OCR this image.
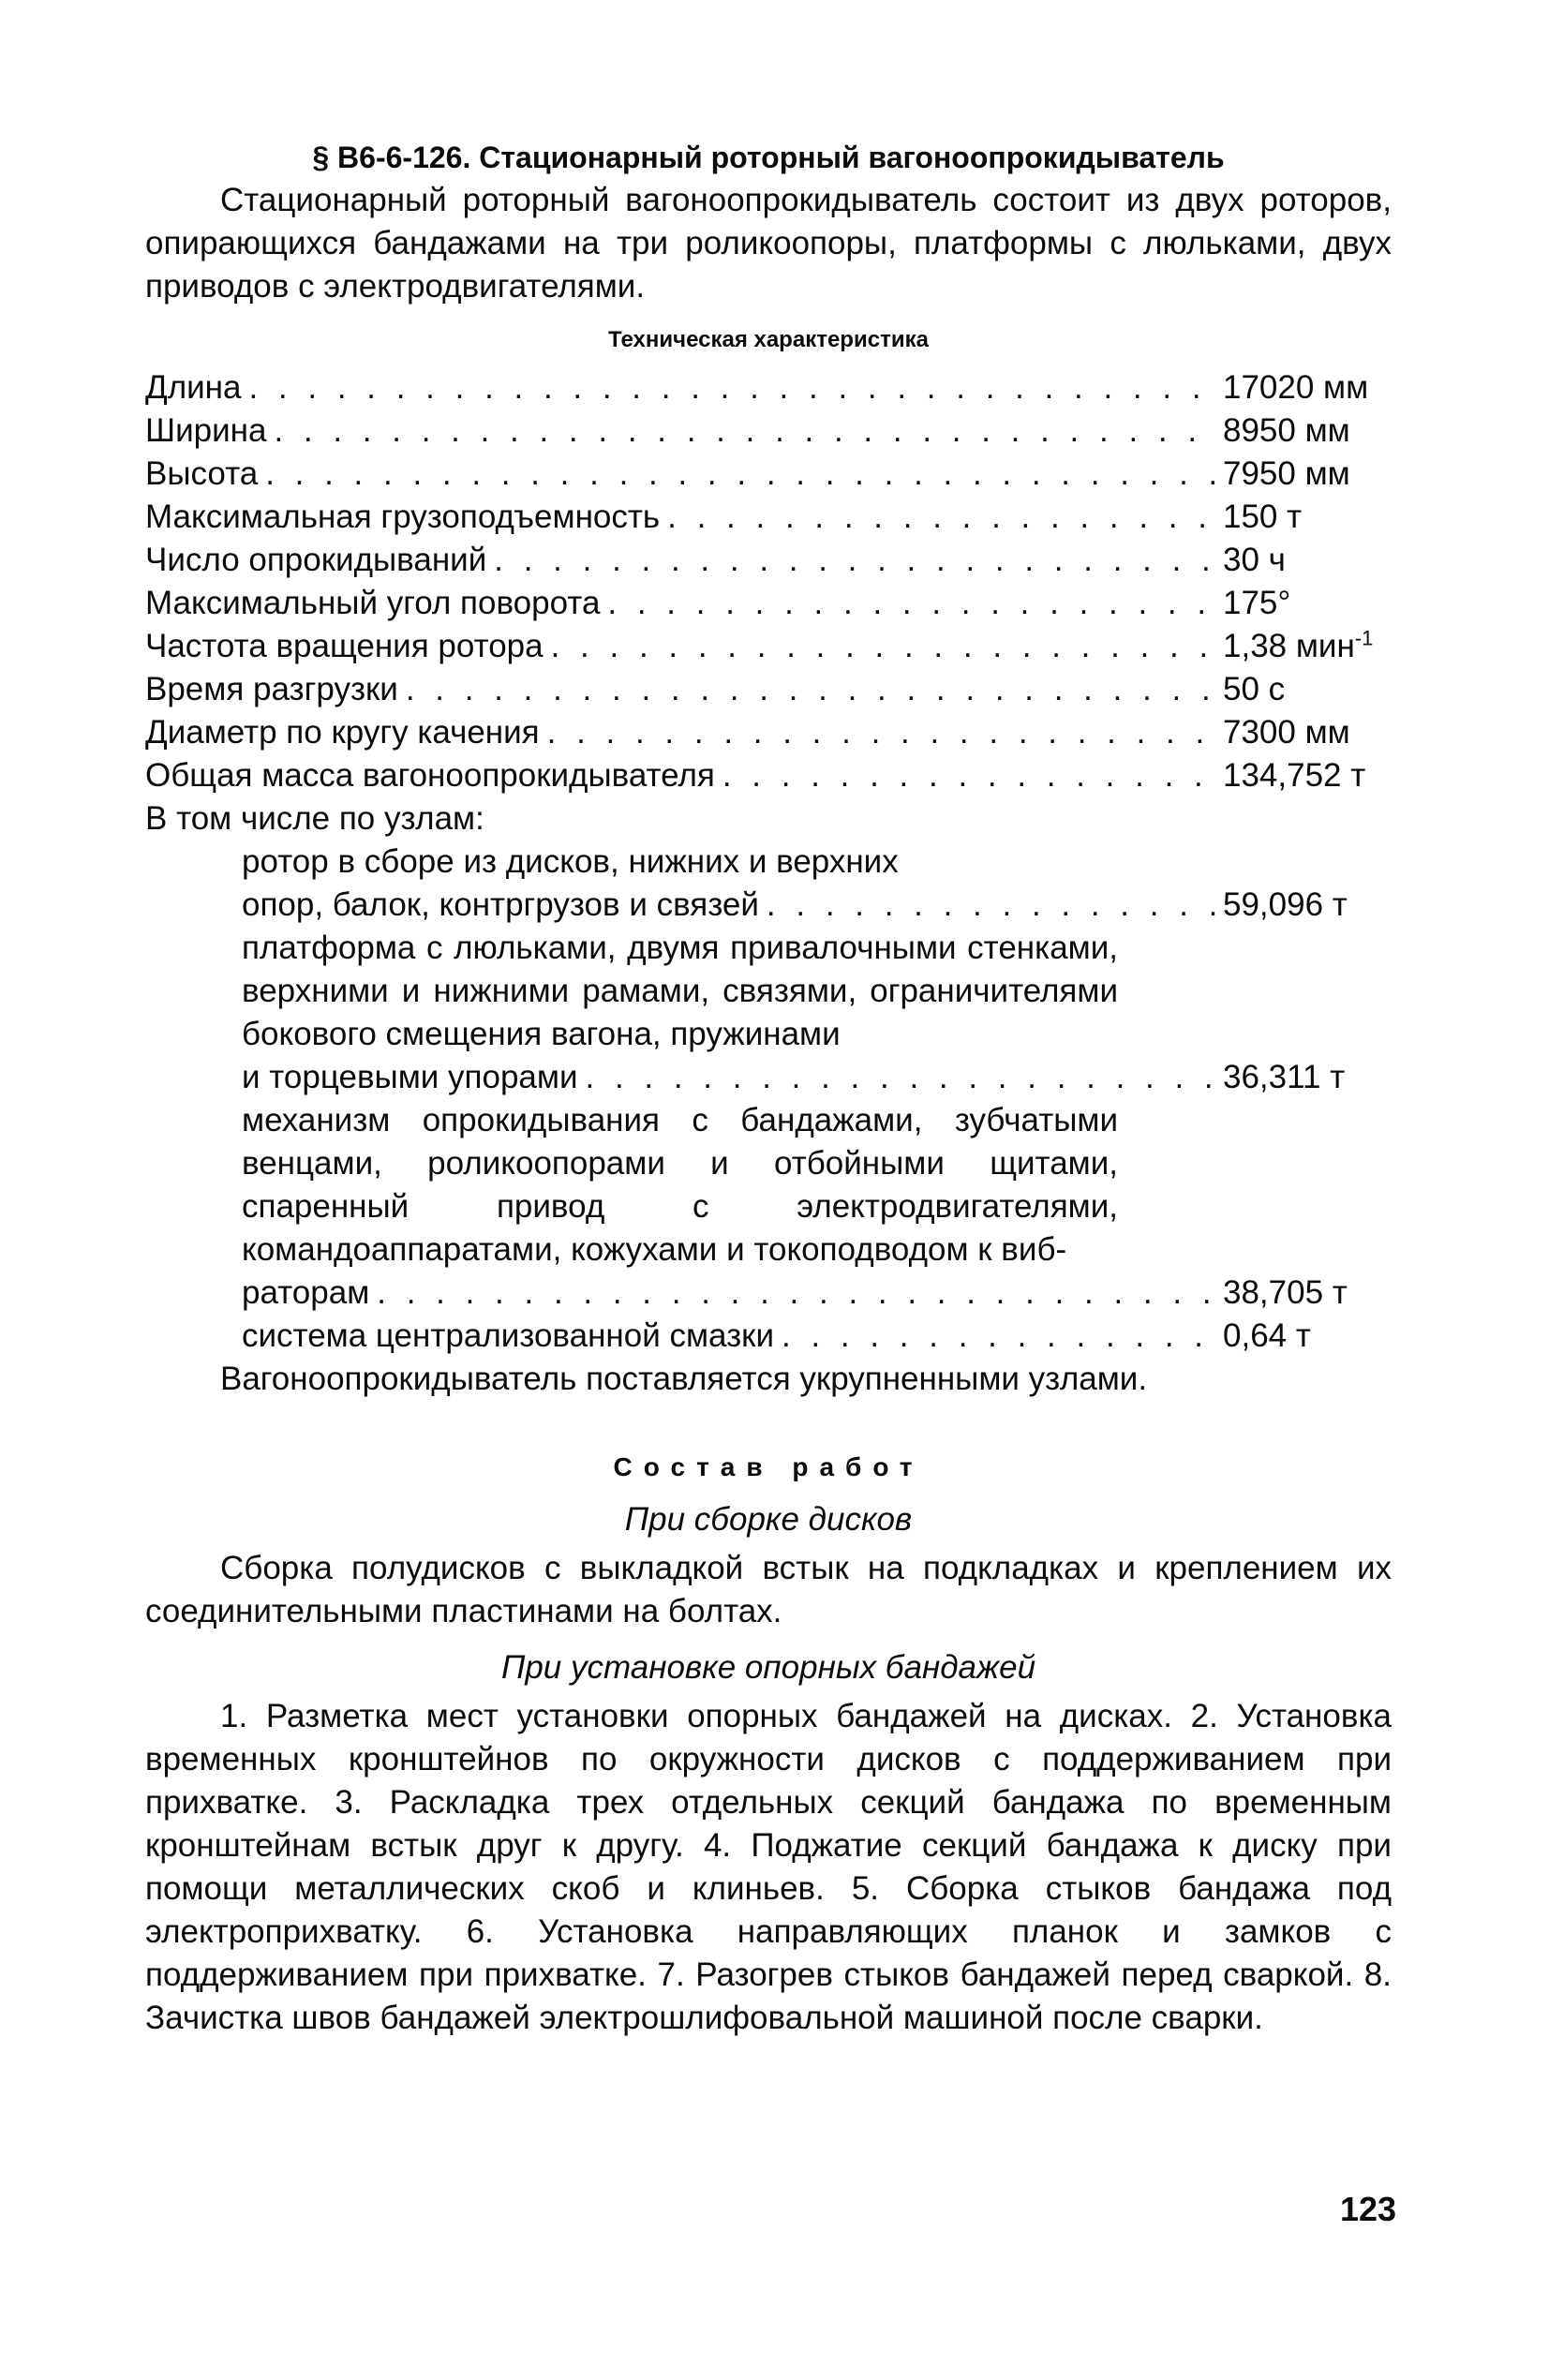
§ В6-6-126. Стационарный роторный вагоноопрокидыватель

Стационарный роторный вагоноопрокидыватель состоит из двух роторов, опирающихся бандажами на три роликоопоры, платформы с люльками, двух приводов с электродвигателями.

Техническая характеристика

Длина . . .	17020 мм
Ширина . . .	8950 мм
Высота . . .	7950 мм
Максимальная грузоподъемность . . .	150 т
Число опрокидываний . . .	30 ч
Максимальный угол поворота . . .	175°
Частота вращения ротора . . .	1,38 мин$^{-1}$
Время разгрузки . . .	50 с
Диаметр по кругу качения . . .	7300 мм
Общая масса вагоноопрокидывателя . . .	134,752 т

В том числе по узлам:

ротор в сборе из дисков, нижних и верхних
опор, балок, контргрузов и связей . . .	59,096 т
платформа с люльками, двумя привалочными стенками, верхними и нижними рамами, связями, ограничителями бокового смещения вагона, пружинами
и торцевыми упорами . . .	36,311 т
механизм опрокидывания с бандажами, зубчатыми венцами, роликоопорами и отбойными щитами, спаренный привод с электродвигателями, командоаппаратами, кожухами и токоподводом к виб-
раторам . . .	38,705 т
система централизованной смазки . . .	0,64 т

Вагоноопрокидыватель поставляется укрупненными узлами.

Состав работ

При сборке дисков

Сборка полудисков с выкладкой встык на подкладках и креплением их соединительными пластинами на болтах.

При установке опорных бандажей

1. Разметка мест установки опорных бандажей на дисках. 2. Установка временных кронштейнов по окружности дисков с поддерживанием при прихватке. 3. Раскладка трех отдельных секций бандажа по временным кронштейнам встык друг к другу. 4. Поджатие секций бандажа к диску при помощи металлических скоб и клиньев. 5. Сборка стыков бандажа под электроприхватку. 6. Установка направляющих планок и замков с поддерживанием при прихватке. 7. Разогрев стыков бандажей перед сваркой. 8. Зачистка швов бандажей электрошлифовальной машиной после сварки.

123
